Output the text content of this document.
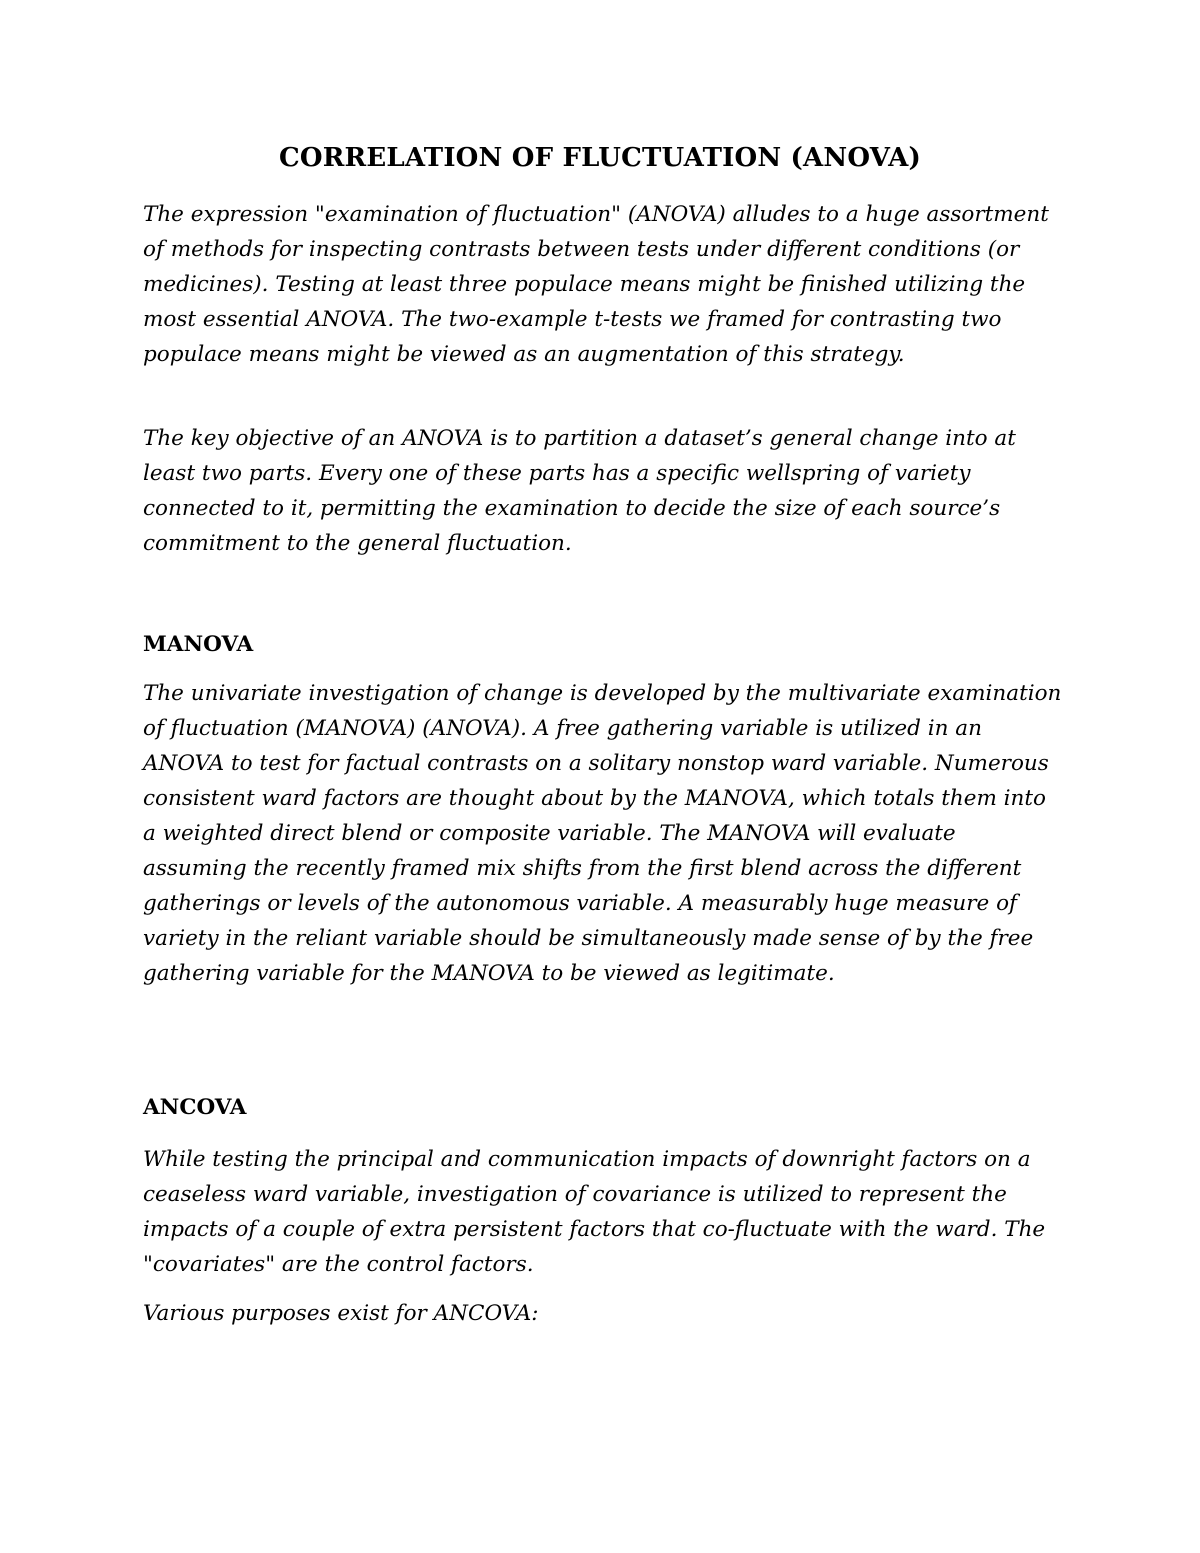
CORRELATION OF FLUCTUATION (ANOVA)

The expression "examination of fluctuation" (ANOVA) alludes to a huge assortment of methods for inspecting contrasts between tests under different conditions (or medicines). Testing at least three populace means might be finished utilizing the most essential ANOVA. The two-example t-tests we framed for contrasting two populace means might be viewed as an augmentation of this strategy.

The key objective of an ANOVA is to partition a dataset’s general change into at least two parts. Every one of these parts has a specific wellspring of variety connected to it, permitting the examination to decide the size of each source’s commitment to the general fluctuation.

MANOVA

The univariate investigation of change is developed by the multivariate examination of fluctuation (MANOVA) (ANOVA). A free gathering variable is utilized in an ANOVA to test for factual contrasts on a solitary nonstop ward variable. Numerous consistent ward factors are thought about by the MANOVA, which totals them into a weighted direct blend or composite variable. The MANOVA will evaluate assuming the recently framed mix shifts from the first blend across the different gatherings or levels of the autonomous variable. A measurably huge measure of variety in the reliant variable should be simultaneously made sense of by the free gathering variable for the MANOVA to be viewed as legitimate.

ANCOVA

While testing the principal and communication impacts of downright factors on a ceaseless ward variable, investigation of covariance is utilized to represent the impacts of a couple of extra persistent factors that co-fluctuate with the ward. The "covariates" are the control factors.

Various purposes exist for ANCOVA:
